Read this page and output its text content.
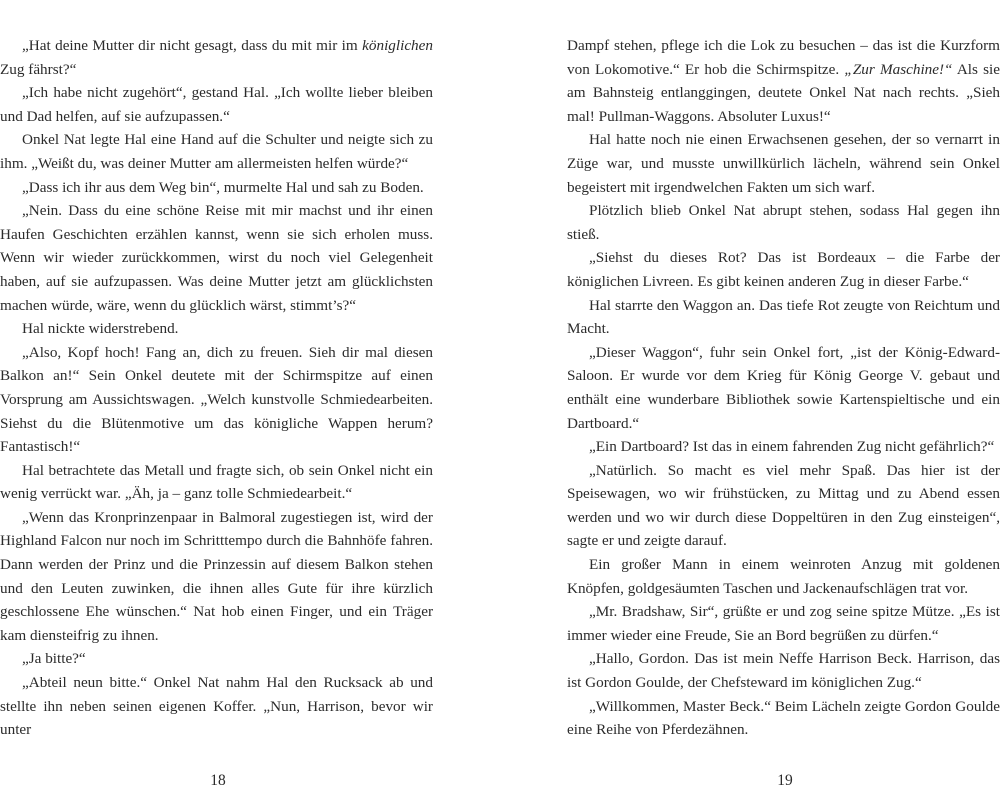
„Hat deine Mutter dir nicht gesagt, dass du mit mir im königlichen Zug fährst?“

„Ich habe nicht zugehört“, gestand Hal. „Ich wollte lieber bleiben und Dad helfen, auf sie aufzupassen.“

Onkel Nat legte Hal eine Hand auf die Schulter und neigte sich zu ihm. „Weißt du, was deiner Mutter am allermeisten helfen würde?“

„Dass ich ihr aus dem Weg bin“, murmelte Hal und sah zu Boden.

„Nein. Dass du eine schöne Reise mit mir machst und ihr einen Haufen Geschichten erzählen kannst, wenn sie sich erholen muss. Wenn wir wieder zurückkommen, wirst du noch viel Gelegenheit haben, auf sie aufzupassen. Was deine Mutter jetzt am glücklichsten machen würde, wäre, wenn du glücklich wärst, stimmt’s?“

Hal nickte widerstrebend.

„Also, Kopf hoch! Fang an, dich zu freuen. Sieh dir mal diesen Balkon an!“ Sein Onkel deutete mit der Schirmspitze auf einen Vorsprung am Aussichtswagen. „Welch kunstvolle Schmiedearbeiten. Siehst du die Blütenmotive um das königliche Wappen herum? Fantastisch!“

Hal betrachtete das Metall und fragte sich, ob sein Onkel nicht ein wenig verrückt war. „Äh, ja – ganz tolle Schmiedearbeit.“

„Wenn das Kronprinzenpaar in Balmoral zugestiegen ist, wird der Highland Falcon nur noch im Schritttempo durch die Bahnhöfe fahren. Dann werden der Prinz und die Prinzessin auf diesem Balkon stehen und den Leuten zuwinken, die ihnen alles Gute für ihre kürzlich geschlossene Ehe wünschen.“ Nat hob einen Finger, und ein Träger kam diensteifrig zu ihnen.

„Ja bitte?“

„Abteil neun bitte.“ Onkel Nat nahm Hal den Rucksack ab und stellte ihn neben seinen eigenen Koffer. „Nun, Harrison, bevor wir unter

18

Dampf stehen, pflege ich die Lok zu besuchen – das ist die Kurzform von Lokomotive.“ Er hob die Schirmspitze. „Zur Maschine!“ Als sie am Bahnsteig entlanggingen, deutete Onkel Nat nach rechts. „Sieh mal! Pullman-Waggons. Absoluter Luxus!“

Hal hatte noch nie einen Erwachsenen gesehen, der so vernarrt in Züge war, und musste unwillkürlich lächeln, während sein Onkel begeistert mit irgendwelchen Fakten um sich warf.

Plötzlich blieb Onkel Nat abrupt stehen, sodass Hal gegen ihn stieß.

„Siehst du dieses Rot? Das ist Bordeaux – die Farbe der königlichen Livreen. Es gibt keinen anderen Zug in dieser Farbe.“

Hal starrte den Waggon an. Das tiefe Rot zeugte von Reichtum und Macht.

„Dieser Waggon“, fuhr sein Onkel fort, „ist der König-Edward-Saloon. Er wurde vor dem Krieg für König George V. gebaut und enthält eine wunderbare Bibliothek sowie Kartenspieltische und ein Dartboard.“

„Ein Dartboard? Ist das in einem fahrenden Zug nicht gefährlich?“

„Natürlich. So macht es viel mehr Spaß. Das hier ist der Speisewagen, wo wir frühstücken, zu Mittag und zu Abend essen werden und wo wir durch diese Doppeltüren in den Zug einsteigen“, sagte er und zeigte darauf.

Ein großer Mann in einem weinroten Anzug mit goldenen Knöpfen, goldgesäumten Taschen und Jackenaufschlägen trat vor.

„Mr. Bradshaw, Sir“, grüßte er und zog seine spitze Mütze. „Es ist immer wieder eine Freude, Sie an Bord begrüßen zu dürfen.“

„Hallo, Gordon. Das ist mein Neffe Harrison Beck. Harrison, das ist Gordon Goulde, der Chefsteward im königlichen Zug.“

„Willkommen, Master Beck.“ Beim Lächeln zeigte Gordon Goulde eine Reihe von Pferdezähnen.

19
